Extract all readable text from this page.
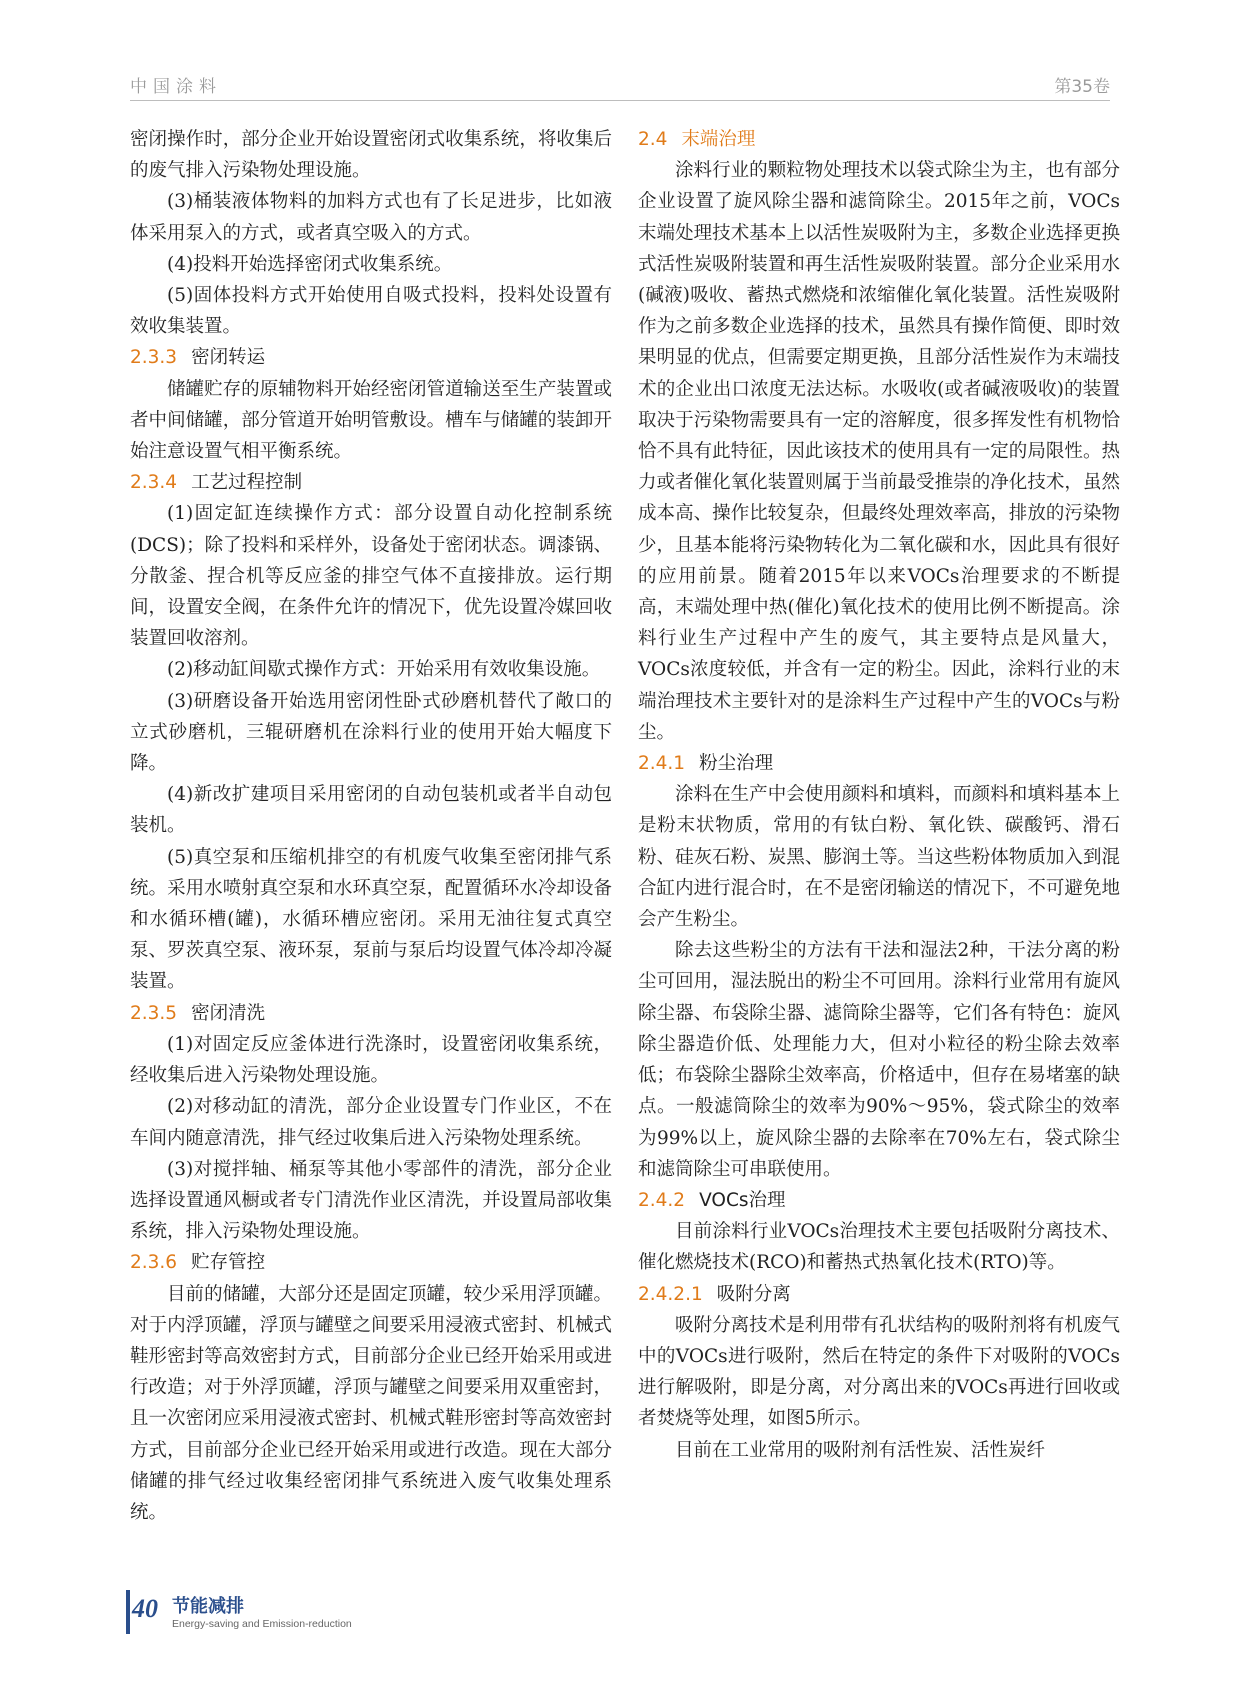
中国涂料	第35卷

密闭操作时，部分企业开始设置密闭式收集系统，将收集后的废气排入污染物处理设施。

(3)桶装液体物料的加料方式也有了长足进步，比如液体采用泵入的方式，或者真空吸入的方式。

(4)投料开始选择密闭式收集系统。

(5)固体投料方式开始使用自吸式投料，投料处设置有效收集装置。

2.3.3 密闭转运

储罐贮存的原辅物料开始经密闭管道输送至生产装置或者中间储罐，部分管道开始明管敷设。槽车与储罐的装卸开始注意设置气相平衡系统。

2.3.4 工艺过程控制

(1)固定缸连续操作方式：部分设置自动化控制系统(DCS)；除了投料和采样外，设备处于密闭状态。调漆锅、分散釜、捏合机等反应釜的排空气体不直接排放。运行期间，设置安全阀，在条件允许的情况下，优先设置冷媒回收装置回收溶剂。

(2)移动缸间歇式操作方式：开始采用有效收集设施。

(3)研磨设备开始选用密闭性卧式砂磨机替代了敞口的立式砂磨机，三辊研磨机在涂料行业的使用开始大幅度下降。

(4)新改扩建项目采用密闭的自动包装机或者半自动包装机。

(5)真空泵和压缩机排空的有机废气收集至密闭排气系统。采用水喷射真空泵和水环真空泵，配置循环水冷却设备和水循环槽(罐)，水循环槽应密闭。采用无油往复式真空泵、罗茨真空泵、液环泵，泵前与泵后均设置气体冷却冷凝装置。

2.3.5 密闭清洗

(1)对固定反应釜体进行洗涤时，设置密闭收集系统，经收集后进入污染物处理设施。

(2)对移动缸的清洗，部分企业设置专门作业区，不在车间内随意清洗，排气经过收集后进入污染物处理系统。

(3)对搅拌轴、桶泵等其他小零部件的清洗，部分企业选择设置通风橱或者专门清洗作业区清洗，并设置局部收集系统，排入污染物处理设施。

2.3.6 贮存管控

目前的储罐，大部分还是固定顶罐，较少采用浮顶罐。对于内浮顶罐，浮顶与罐壁之间要采用浸液式密封、机械式鞋形密封等高效密封方式，目前部分企业已经开始采用或进行改造；对于外浮顶罐，浮顶与罐壁之间要采用双重密封，且一次密闭应采用浸液式密封、机械式鞋形密封等高效密封方式，目前部分企业已经开始采用或进行改造。现在大部分储罐的排气经过收集经密闭排气系统进入废气收集处理系统。

2.4 末端治理

涂料行业的颗粒物处理技术以袋式除尘为主，也有部分企业设置了旋风除尘器和滤筒除尘。2015年之前，VOCs末端处理技术基本上以活性炭吸附为主，多数企业选择更换式活性炭吸附装置和再生活性炭吸附装置。部分企业采用水(碱液)吸收、蓄热式燃烧和浓缩催化氧化装置。活性炭吸附作为之前多数企业选择的技术，虽然具有操作简便、即时效果明显的优点，但需要定期更换，且部分活性炭作为末端技术的企业出口浓度无法达标。水吸收(或者碱液吸收)的装置取决于污染物需要具有一定的溶解度，很多挥发性有机物恰恰不具有此特征，因此该技术的使用具有一定的局限性。热力或者催化氧化装置则属于当前最受推崇的净化技术，虽然成本高、操作比较复杂，但最终处理效率高，排放的污染物少，且基本能将污染物转化为二氧化碳和水，因此具有很好的应用前景。随着2015年以来VOCs治理要求的不断提高，末端处理中热(催化)氧化技术的使用比例不断提高。涂料行业生产过程中产生的废气，其主要特点是风量大，VOCs浓度较低，并含有一定的粉尘。因此，涂料行业的末端治理技术主要针对的是涂料生产过程中产生的VOCs与粉尘。

2.4.1 粉尘治理

涂料在生产中会使用颜料和填料，而颜料和填料基本上是粉末状物质，常用的有钛白粉、氧化铁、碳酸钙、滑石粉、硅灰石粉、炭黑、膨润土等。当这些粉体物质加入到混合缸内进行混合时，在不是密闭输送的情况下，不可避免地会产生粉尘。

除去这些粉尘的方法有干法和湿法2种，干法分离的粉尘可回用，湿法脱出的粉尘不可回用。涂料行业常用有旋风除尘器、布袋除尘器、滤筒除尘器等，它们各有特色：旋风除尘器造价低、处理能力大，但对小粒径的粉尘除去效率低；布袋除尘器除尘效率高，价格适中，但存在易堵塞的缺点。一般滤筒除尘的效率为90%～95%，袋式除尘的效率为99%以上，旋风除尘器的去除率在70%左右，袋式除尘和滤筒除尘可串联使用。

2.4.2 VOCs治理

目前涂料行业VOCs治理技术主要包括吸附分离技术、催化燃烧技术(RCO)和蓄热式热氧化技术(RTO)等。

2.4.2.1 吸附分离

吸附分离技术是利用带有孔状结构的吸附剂将有机废气中的VOCs进行吸附，然后在特定的条件下对吸附的VOCs进行解吸附，即是分离，对分离出来的VOCs再进行回收或者焚烧等处理，如图5所示。

目前在工业常用的吸附剂有活性炭、活性炭纤

40 节能减排
Energy-saving and Emission-reduction
